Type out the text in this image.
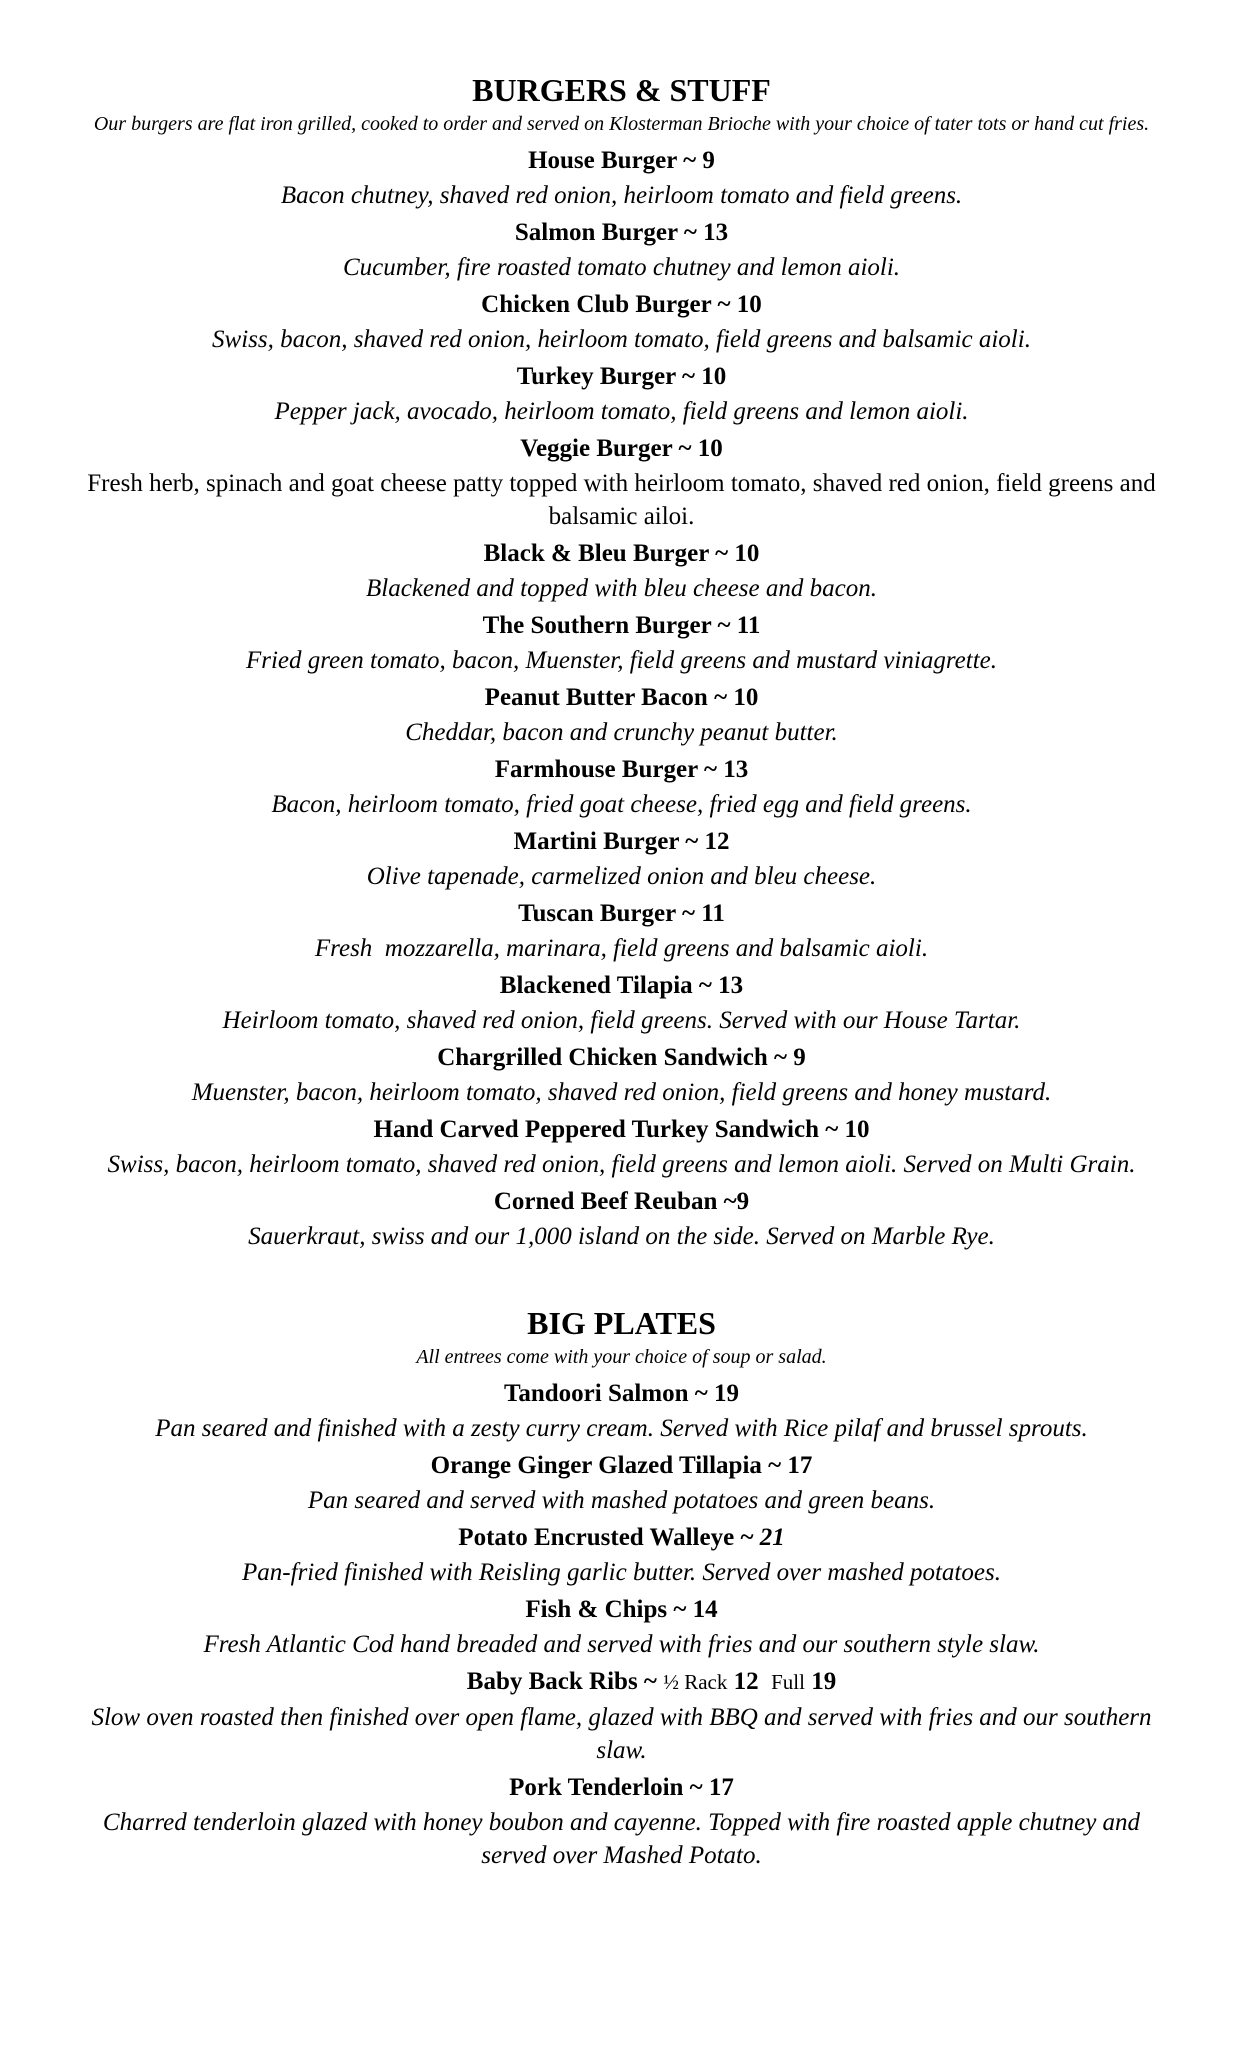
BURGERS & STUFF

Our burgers are flat iron grilled, cooked to order and served on Klosterman Brioche with your choice of tater tots or hand cut fries.

House Burger ~ 9

Bacon chutney, shaved red onion, heirloom tomato and field greens.

Salmon Burger ~ 13

Cucumber, fire roasted tomato chutney and lemon aioli.

Chicken Club Burger ~ 10

Swiss, bacon, shaved red onion, heirloom tomato, field greens and balsamic aioli.

Turkey Burger ~ 10

Pepper jack, avocado, heirloom tomato, field greens and lemon aioli.

Veggie Burger ~ 10

Fresh herb, spinach and goat cheese patty topped with heirloom tomato, shaved red onion, field greens and balsamic ailoi.

Black & Bleu Burger ~ 10

Blackened and topped with bleu cheese and bacon.

The Southern Burger ~ 11

Fried green tomato, bacon, Muenster, field greens and mustard viniagrette.

Peanut Butter Bacon ~ 10

Cheddar, bacon and crunchy peanut butter.

Farmhouse Burger ~ 13

Bacon, heirloom tomato, fried goat cheese, fried egg and field greens.

Martini Burger ~ 12

Olive tapenade, carmelized onion and bleu cheese.

Tuscan Burger ~ 11

Fresh  mozzarella, marinara, field greens and balsamic aioli.

Blackened Tilapia ~ 13

Heirloom tomato, shaved red onion, field greens. Served with our House Tartar.

Chargrilled Chicken Sandwich ~ 9

Muenster, bacon, heirloom tomato, shaved red onion, field greens and honey mustard.

Hand Carved Peppered Turkey Sandwich ~ 10

Swiss, bacon, heirloom tomato, shaved red onion, field greens and lemon aioli. Served on Multi Grain.

Corned Beef Reuban ~9

Sauerkraut, swiss and our 1,000 island on the side. Served on Marble Rye.

BIG PLATES

All entrees come with your choice of soup or salad.

Tandoori Salmon ~ 19

Pan seared and finished with a zesty curry cream. Served with Rice pilaf and brussel sprouts.

Orange Ginger Glazed Tillapia ~ 17

Pan seared and served with mashed potatoes and green beans.

Potato Encrusted Walleye ~ 21

Pan-fried finished with Reisling garlic butter. Served over mashed potatoes.

Fish & Chips ~ 14

Fresh Atlantic Cod hand breaded and served with fries and our southern style slaw.

Baby Back Ribs ~ ½ Rack 12 Full 19

Slow oven roasted then finished over open flame, glazed with BBQ and served with fries and our southern slaw.

Pork Tenderloin ~ 17

Charred tenderloin glazed with honey boubon and cayenne. Topped with fire roasted apple chutney and served over Mashed Potato.
